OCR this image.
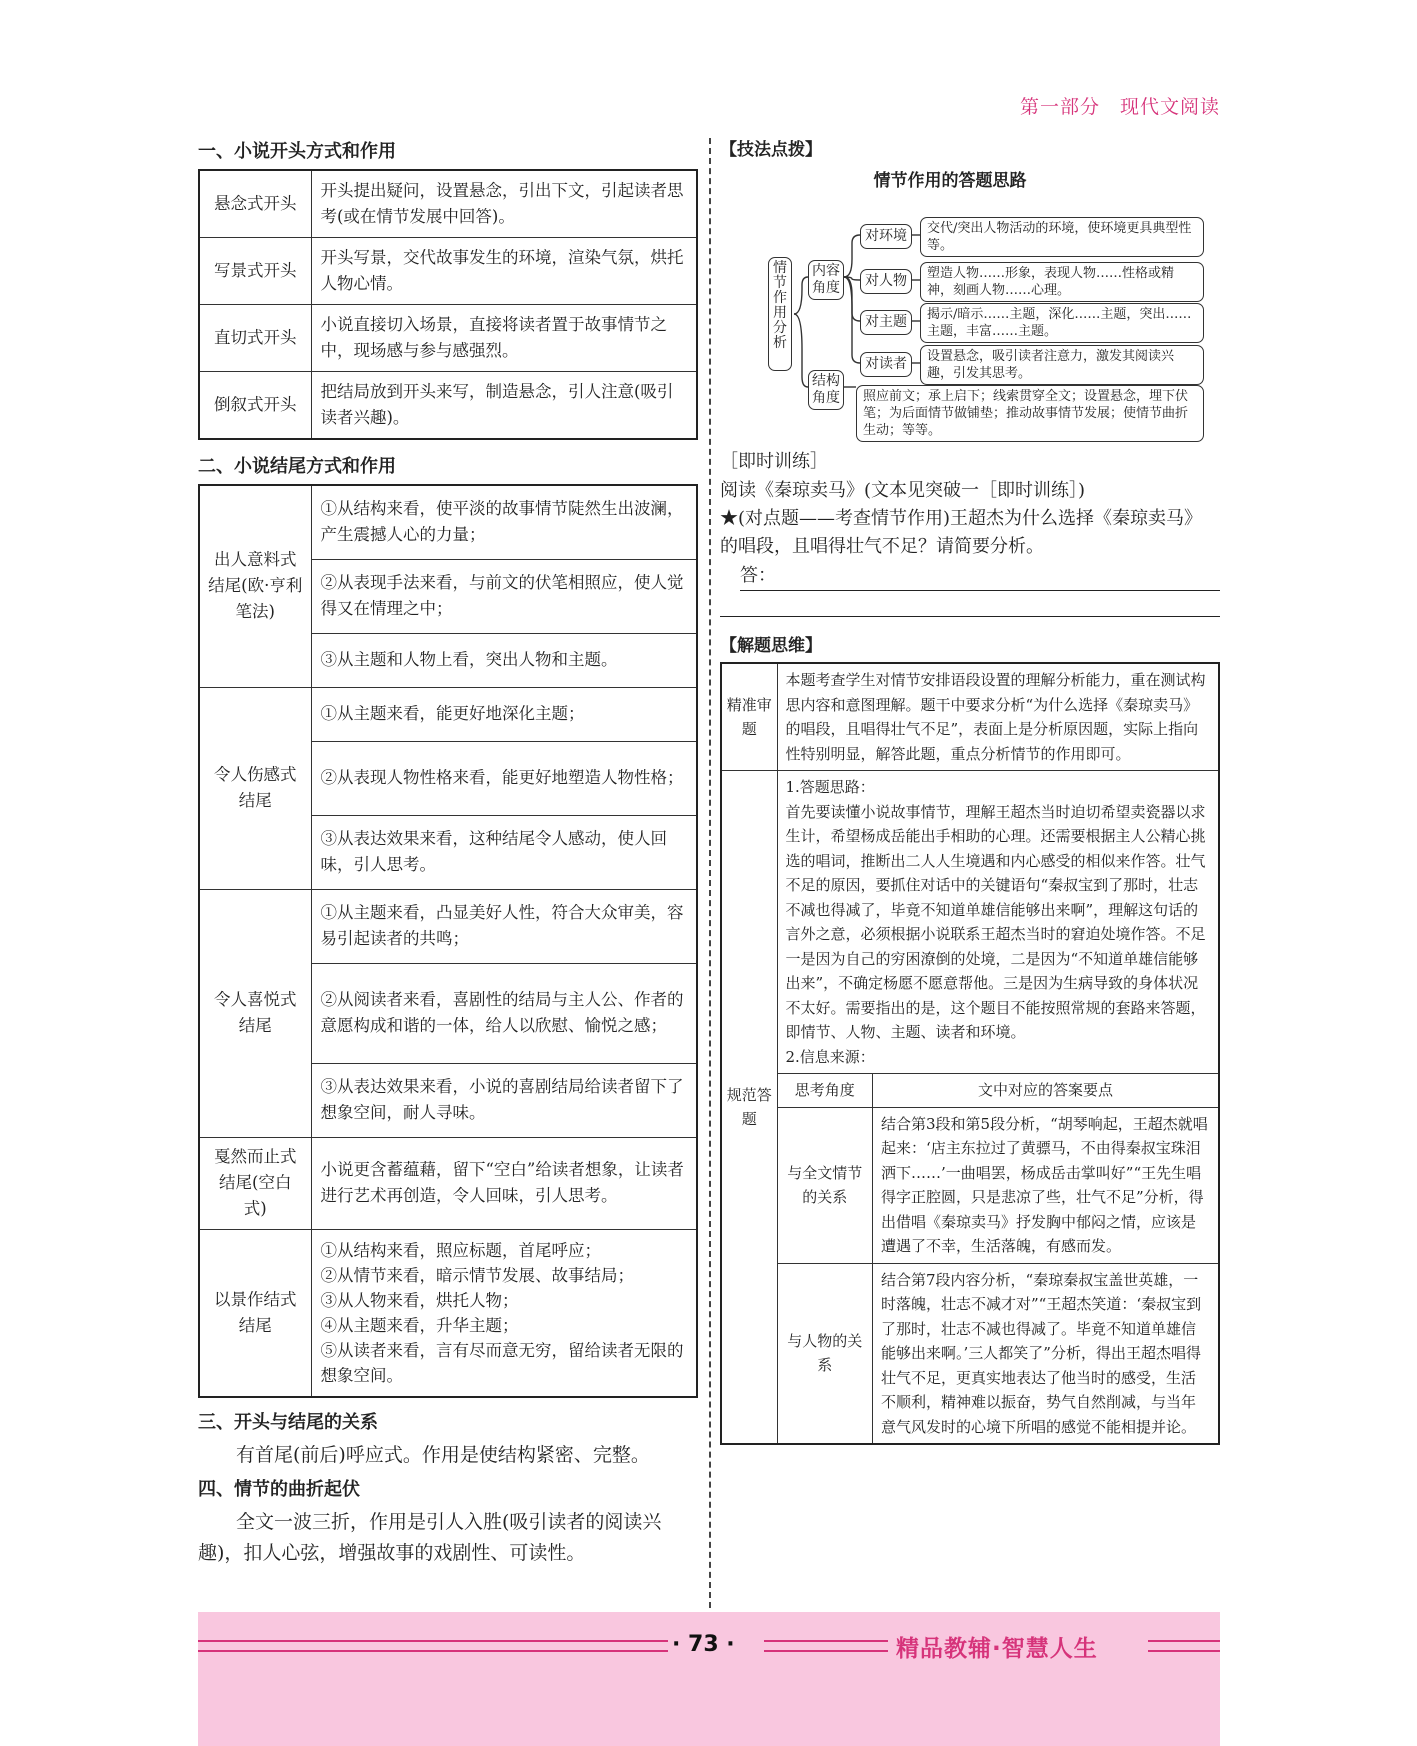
第一部分　现代文阅读
一、小说开头方式和作用
悬念式开头	开头提出疑问，设置悬念，引出下文，引起读者思考(或在情节发展中回答)。
写景式开头	开头写景，交代故事发生的环境，渲染气氛，烘托人物心情。
直切式开头	小说直接切入场景，直接将读者置于故事情节之中，现场感与参与感强烈。
倒叙式开头	把结局放到开头来写，制造悬念，引人注意(吸引读者兴趣)。
二、小说结尾方式和作用
出人意料式结尾(欧·亨利笔法)	①从结构来看，使平淡的故事情节陡然生出波澜，产生震撼人心的力量；
	②从表现手法来看，与前文的伏笔相照应，使人觉得又在情理之中；
	③从主题和人物上看，突出人物和主题。
令人伤感式结尾	①从主题来看，能更好地深化主题；
	②从表现人物性格来看，能更好地塑造人物性格；
	③从表达效果来看，这种结尾令人感动，使人回味，引人思考。
令人喜悦式结尾	①从主题来看，凸显美好人性，符合大众审美，容易引起读者的共鸣；
	②从阅读者来看，喜剧性的结局与主人公、作者的意愿构成和谐的一体，给人以欣慰、愉悦之感；
	③从表达效果来看，小说的喜剧结局给读者留下了想象空间，耐人寻味。
戛然而止式结尾(空白式)	小说更含蓄蕴藉，留下“空白”给读者想象，让读者进行艺术再创造，令人回味，引人思考。
以景作结式结尾	①从结构来看，照应标题，首尾呼应；
②从情节来看，暗示情节发展、故事结局；
③从人物来看，烘托人物；
④从主题来看，升华主题；
⑤从读者来看，言有尽而意无穷，留给读者无限的想象空间。
三、开头与结尾的关系
有首尾(前后)呼应式。作用是使结构紧密、完整。
四、情节的曲折起伏
全文一波三折，作用是引人入胜(吸引读者的阅读兴趣)，扣人心弦，增强故事的戏剧性、可读性。
【技法点拨】
情节作用的答题思路
情节作用分析
内容角度
结构角度
对环境
对人物
对主题
对读者
交代/突出人物活动的环境，使环境更具典型性等。
塑造人物……形象，表现人物……性格或精神，刻画人物……心理。
揭示/暗示……主题，深化……主题，突出……主题，丰富……主题。
设置悬念，吸引读者注意力，激发其阅读兴趣，引发其思考。
照应前文；承上启下；线索贯穿全文；设置悬念，埋下伏笔；为后面情节做铺垫；推动故事情节发展；使情节曲折生动；等等。
［即时训练］
阅读《秦琼卖马》(文本见突破一［即时训练］)
★(对点题——考查情节作用)王超杰为什么选择《秦琼卖马》的唱段，且唱得壮气不足？请简要分析。
答：
【解题思维】
精准审题	本题考查学生对情节安排语段设置的理解分析能力，重在测试构思内容和意图理解。题干中要求分析“为什么选择《秦琼卖马》的唱段，且唱得壮气不足”，表面上是分析原因题，实际上指向性特别明显，解答此题，重点分析情节的作用即可。
规范答题	
1.答题思路：
首先要读懂小说故事情节，理解王超杰当时迫切希望卖瓷器以求生计，希望杨成岳能出手相助的心理。还需要根据主人公精心挑选的唱词，推断出二人人生境遇和内心感受的相似来作答。壮气不足的原因，要抓住对话中的关键语句“秦叔宝到了那时，壮志不减也得减了，毕竟不知道单雄信能够出来啊”，理解这句话的言外之意，必须根据小说联系王超杰当时的窘迫处境作答。不足一是因为自己的穷困潦倒的处境，二是因为“不知道单雄信能够出来”，不确定杨愿不愿意帮他。三是因为生病导致的身体状况不太好。需要指出的是，这个题目不能按照常规的套路来答题，即情节、人物、主题、读者和环境。
2.信息来源：
思考角度	文中对应的答案要点
与全文情节的关系	结合第3段和第5段分析，“胡琴响起，王超杰就唱起来：‘店主东拉过了黄骠马，不由得秦叔宝珠泪洒下……’一曲唱罢，杨成岳击掌叫好”“王先生唱得字正腔圆，只是悲凉了些，壮气不足”分析，得出借唱《秦琼卖马》抒发胸中郁闷之情，应该是遭遇了不幸，生活落魄，有感而发。
与人物的关系	结合第7段内容分析，“秦琼秦叔宝盖世英雄，一时落魄，壮志不减才对”“王超杰笑道：‘秦叔宝到了那时，壮志不减也得减了。毕竟不知道单雄信能够出来啊。’三人都笑了”分析，得出王超杰唱得壮气不足，更真实地表达了他当时的感受，生活不顺利，精神难以振奋，势气自然削减，与当年意气风发时的心境下所唱的感觉不能相提并论。
· 73 ·	精品教辅·智慧人生
